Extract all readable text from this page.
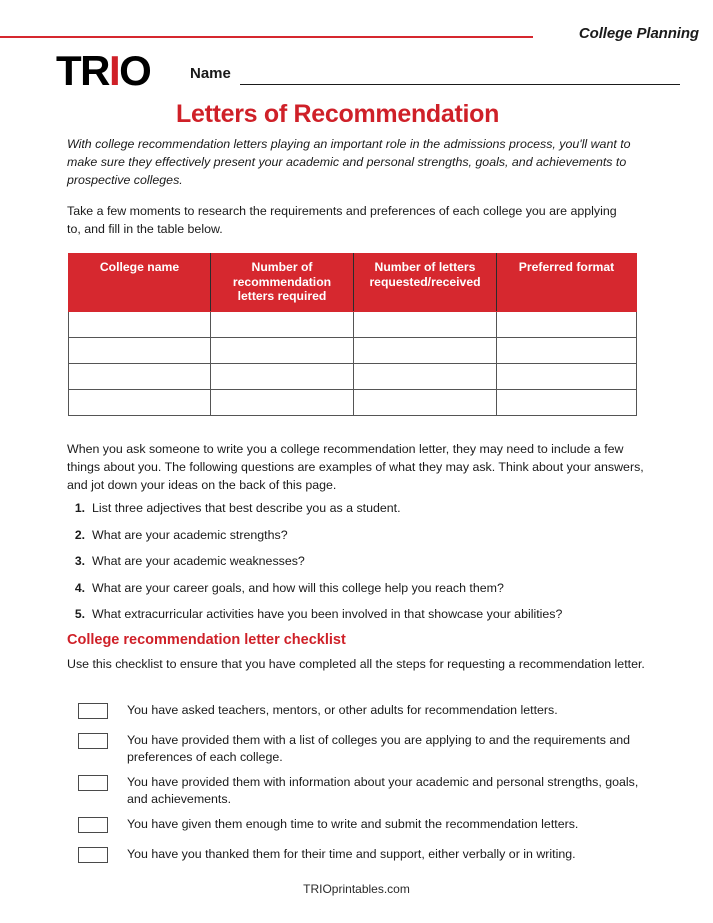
College Planning
TRIO	Name
Letters of Recommendation
With college recommendation letters playing an important role in the admissions process, you'll want to make sure they effectively present your academic and personal strengths, goals, and achievements to prospective colleges.
Take a few moments to research the requirements and preferences of each college you are applying to, and fill in the table below.
College name	Number of recommendation letters required	Number of letters requested/received	Preferred format

When you ask someone to write you a college recommendation letter, they may need to include a few things about you. The following questions are examples of what they may ask. Think about your answers, and jot down your ideas on the back of this page.
1. List three adjectives that best describe you as a student.
2. What are your academic strengths?
3. What are your academic weaknesses?
4. What are your career goals, and how will this college help you reach them?
5. What extracurricular activities have you been involved in that showcase your abilities?
College recommendation letter checklist
Use this checklist to ensure that you have completed all the steps for requesting a recommendation letter.
You have asked teachers, mentors, or other adults for recommendation letters.
You have provided them with a list of colleges you are applying to and the requirements and preferences of each college.
You have provided them with information about your academic and personal strengths, goals, and achievements.
You have given them enough time to write and submit the recommendation letters.
You have you thanked them for their time and support, either verbally or in writing.
TRIOprintables.com
